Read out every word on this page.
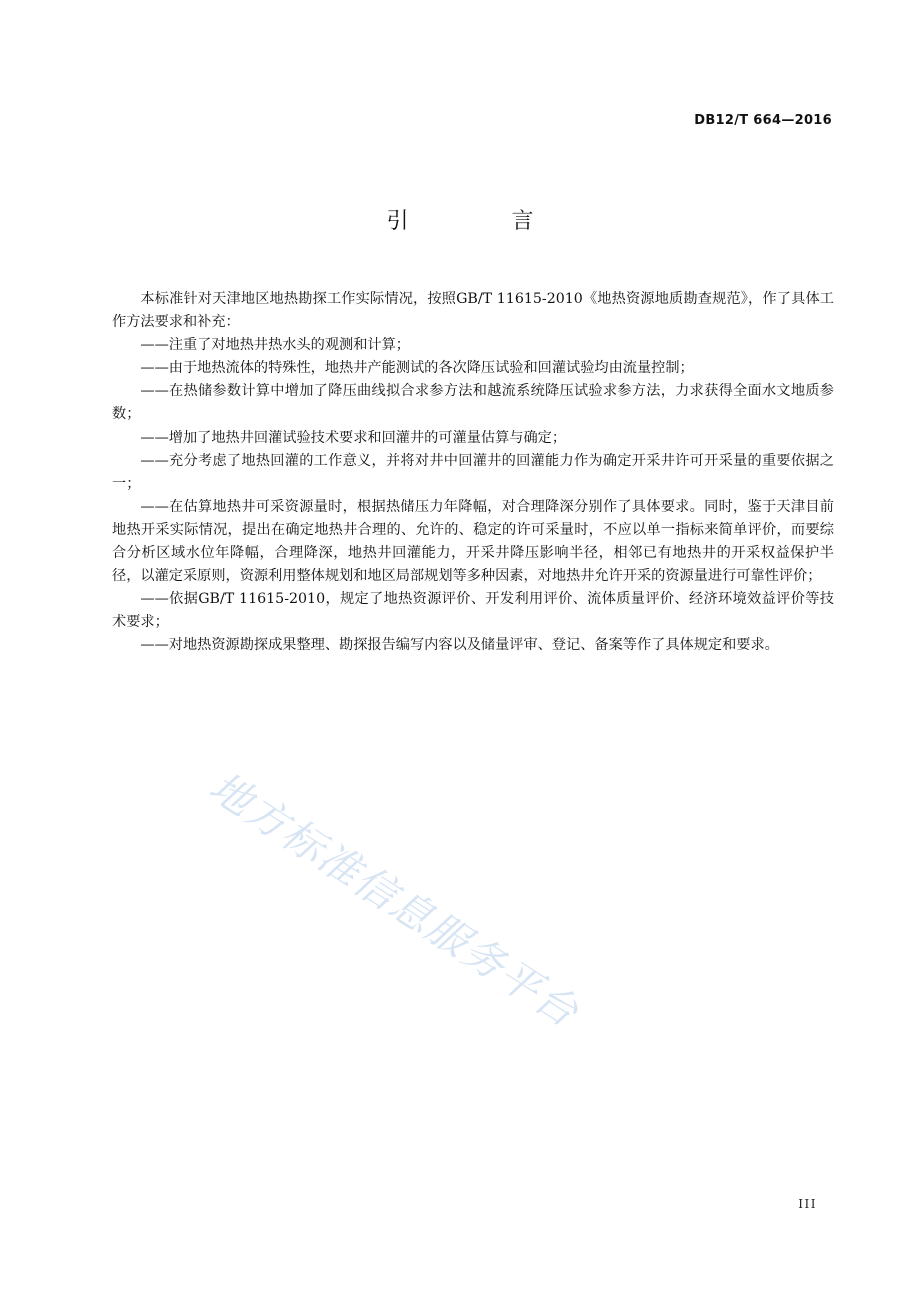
DB12/T 664—2016
引 言

本标准针对天津地区地热勘探工作实际情况，按照GB/T 11615-2010《地热资源地质勘查规范》，作了具体工作方法要求和补充：

——注重了对地热井热水头的观测和计算；

——由于地热流体的特殊性，地热井产能测试的各次降压试验和回灌试验均由流量控制；

——在热储参数计算中增加了降压曲线拟合求参方法和越流系统降压试验求参方法，力求获得全面水文地质参数；

——增加了地热井回灌试验技术要求和回灌井的可灌量估算与确定；

——充分考虑了地热回灌的工作意义，并将对井中回灌井的回灌能力作为确定开采井许可开采量的重要依据之一；

——在估算地热井可采资源量时，根据热储压力年降幅，对合理降深分别作了具体要求。同时，鉴于天津目前地热开采实际情况，提出在确定地热井合理的、允许的、稳定的许可采量时，不应以单一指标来简单评价，而要综合分析区域水位年降幅，合理降深，地热井回灌能力，开采井降压影响半径，相邻已有地热井的开采权益保护半径，以灌定采原则，资源利用整体规划和地区局部规划等多种因素，对地热井允许开采的资源量进行可靠性评价；

——依据GB/T 11615-2010，规定了地热资源评价、开发利用评价、流体质量评价、经济环境效益评价等技术要求；

——对地热资源勘探成果整理、勘探报告编写内容以及储量评审、登记、备案等作了具体规定和要求。

地方标准信息服务平台
III
